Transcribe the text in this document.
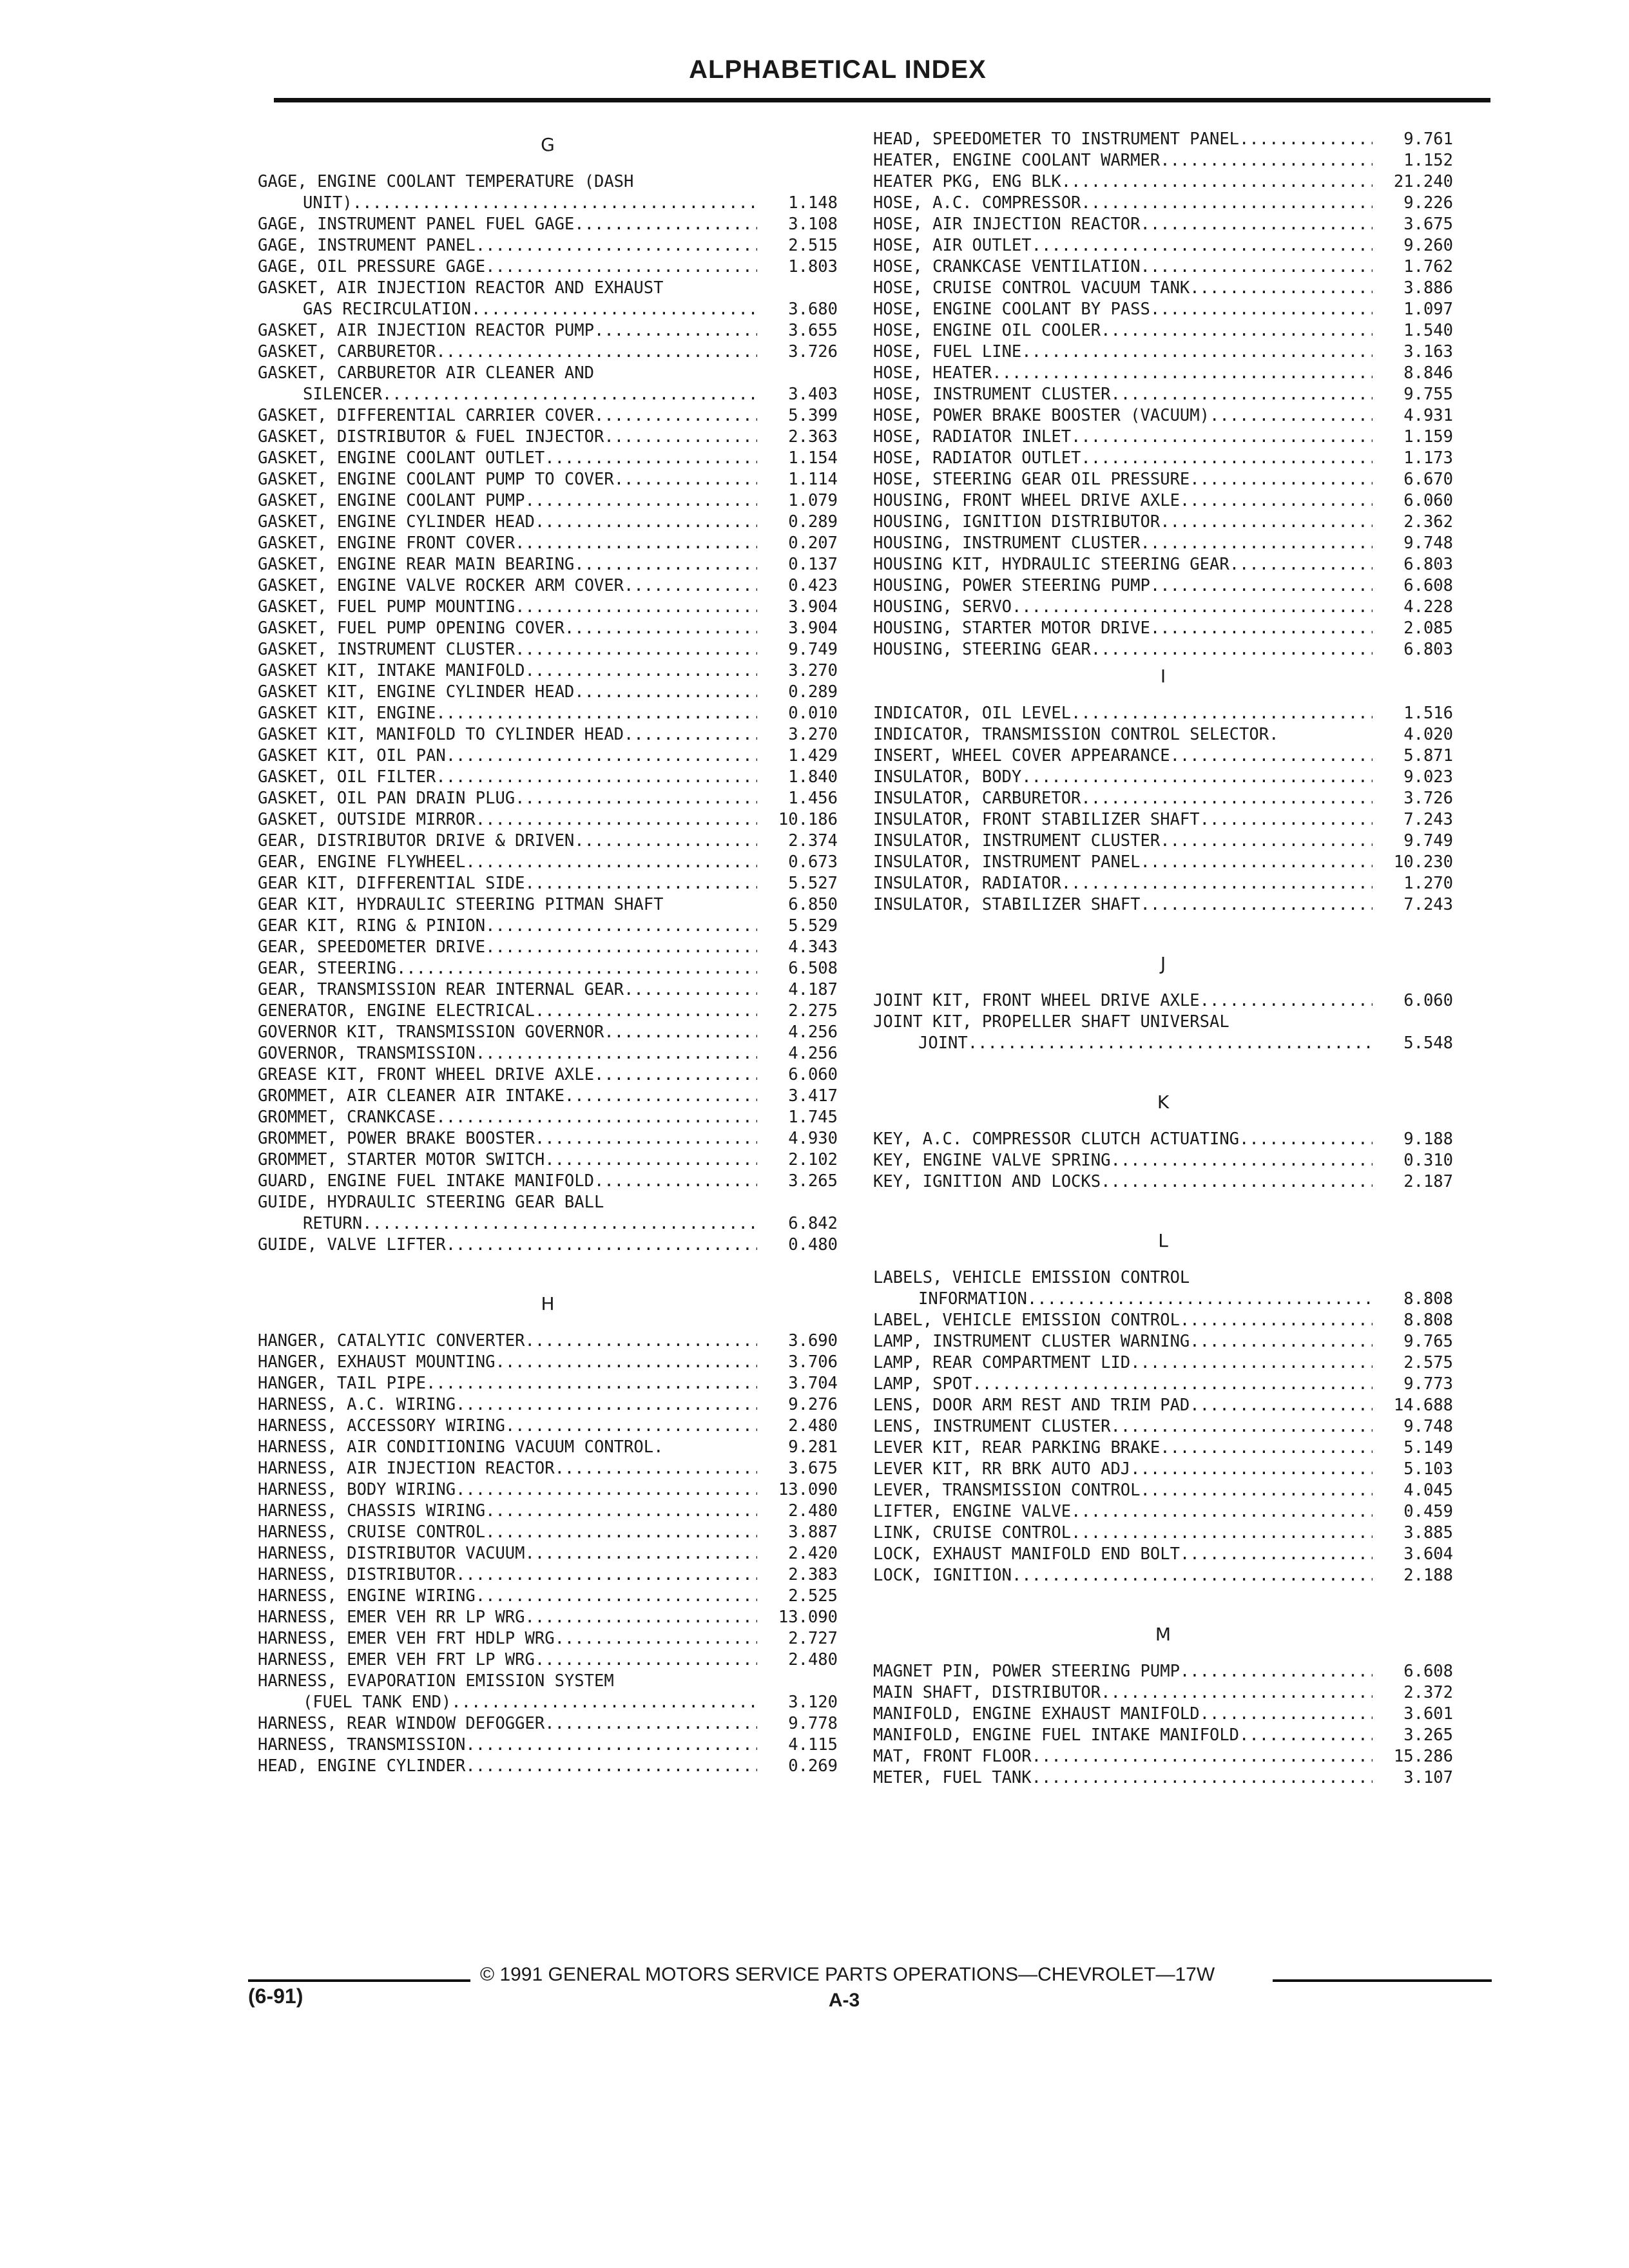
ALPHABETICAL INDEX
G
GAGE, ENGINE COOLANT TEMPERATURE (DASH
UNIT) .....	1.148
GAGE, INSTRUMENT PANEL FUEL GAGE .....	3.108
GAGE, INSTRUMENT PANEL .....	2.515
GAGE, OIL PRESSURE GAGE .....	1.803
GASKET, AIR INJECTION REACTOR AND EXHAUST
GAS RECIRCULATION .....	3.680
GASKET, AIR INJECTION REACTOR PUMP .....	3.655
GASKET, CARBURETOR .....	3.726
GASKET, CARBURETOR AIR CLEANER AND
SILENCER .....	3.403
GASKET, DIFFERENTIAL CARRIER COVER .....	5.399
GASKET, DISTRIBUTOR & FUEL INJECTOR .....	2.363
GASKET, ENGINE COOLANT OUTLET .....	1.154
GASKET, ENGINE COOLANT PUMP TO COVER .....	1.114
GASKET, ENGINE COOLANT PUMP .....	1.079
GASKET, ENGINE CYLINDER HEAD .....	0.289
GASKET, ENGINE FRONT COVER .....	0.207
GASKET, ENGINE REAR MAIN BEARING .....	0.137
GASKET, ENGINE VALVE ROCKER ARM COVER .....	0.423
GASKET, FUEL PUMP MOUNTING .....	3.904
GASKET, FUEL PUMP OPENING COVER .....	3.904
GASKET, INSTRUMENT CLUSTER .....	9.749
GASKET KIT, INTAKE MANIFOLD .....	3.270
GASKET KIT, ENGINE CYLINDER HEAD .....	0.289
GASKET KIT, ENGINE .....	0.010
GASKET KIT, MANIFOLD TO CYLINDER HEAD .....	3.270
GASKET KIT, OIL PAN .....	1.429
GASKET, OIL FILTER .....	1.840
GASKET, OIL PAN DRAIN PLUG .....	1.456
GASKET, OUTSIDE MIRROR .....	10.186
GEAR, DISTRIBUTOR DRIVE & DRIVEN .....	2.374
GEAR, ENGINE FLYWHEEL .....	0.673
GEAR KIT, DIFFERENTIAL SIDE .....	5.527
GEAR KIT, HYDRAULIC STEERING PITMAN SHAFT	6.850
GEAR KIT, RING & PINION .....	5.529
GEAR, SPEEDOMETER DRIVE .....	4.343
GEAR, STEERING .....	6.508
GEAR, TRANSMISSION REAR INTERNAL GEAR .....	4.187
GENERATOR, ENGINE ELECTRICAL .....	2.275
GOVERNOR KIT, TRANSMISSION GOVERNOR .....	4.256
GOVERNOR, TRANSMISSION .....	4.256
GREASE KIT, FRONT WHEEL DRIVE AXLE .....	6.060
GROMMET, AIR CLEANER AIR INTAKE .....	3.417
GROMMET, CRANKCASE .....	1.745
GROMMET, POWER BRAKE BOOSTER .....	4.930
GROMMET, STARTER MOTOR SWITCH .....	2.102
GUARD, ENGINE FUEL INTAKE MANIFOLD .....	3.265
GUIDE, HYDRAULIC STEERING GEAR BALL
RETURN .....	6.842
GUIDE, VALVE LIFTER .....	0.480
H
HANGER, CATALYTIC CONVERTER .....	3.690
HANGER, EXHAUST MOUNTING .....	3.706
HANGER, TAIL PIPE .....	3.704
HARNESS, A.C. WIRING .....	9.276
HARNESS, ACCESSORY WIRING .....	2.480
HARNESS, AIR CONDITIONING VACUUM CONTROL.	9.281
HARNESS, AIR INJECTION REACTOR .....	3.675
HARNESS, BODY WIRING .....	13.090
HARNESS, CHASSIS WIRING .....	2.480
HARNESS, CRUISE CONTROL .....	3.887
HARNESS, DISTRIBUTOR VACUUM .....	2.420
HARNESS, DISTRIBUTOR .....	2.383
HARNESS, ENGINE WIRING .....	2.525
HARNESS, EMER VEH RR LP WRG .....	13.090
HARNESS, EMER VEH FRT HDLP WRG .....	2.727
HARNESS, EMER VEH FRT LP WRG .....	2.480
HARNESS, EVAPORATION EMISSION SYSTEM
(FUEL TANK END) .....	3.120
HARNESS, REAR WINDOW DEFOGGER .....	9.778
HARNESS, TRANSMISSION .....	4.115
HEAD, ENGINE CYLINDER .....	0.269
HEAD, SPEEDOMETER TO INSTRUMENT PANEL .....	9.761
HEATER, ENGINE COOLANT WARMER .....	1.152
HEATER PKG, ENG BLK .....	21.240
HOSE, A.C. COMPRESSOR .....	9.226
HOSE, AIR INJECTION REACTOR .....	3.675
HOSE, AIR OUTLET .....	9.260
HOSE, CRANKCASE VENTILATION .....	1.762
HOSE, CRUISE CONTROL VACUUM TANK .....	3.886
HOSE, ENGINE COOLANT BY PASS .....	1.097
HOSE, ENGINE OIL COOLER .....	1.540
HOSE, FUEL LINE .....	3.163
HOSE, HEATER .....	8.846
HOSE, INSTRUMENT CLUSTER .....	9.755
HOSE, POWER BRAKE BOOSTER (VACUUM) .....	4.931
HOSE, RADIATOR INLET .....	1.159
HOSE, RADIATOR OUTLET .....	1.173
HOSE, STEERING GEAR OIL PRESSURE .....	6.670
HOUSING, FRONT WHEEL DRIVE AXLE .....	6.060
HOUSING, IGNITION DISTRIBUTOR .....	2.362
HOUSING, INSTRUMENT CLUSTER .....	9.748
HOUSING KIT, HYDRAULIC STEERING GEAR .....	6.803
HOUSING, POWER STEERING PUMP .....	6.608
HOUSING, SERVO .....	4.228
HOUSING, STARTER MOTOR DRIVE .....	2.085
HOUSING, STEERING GEAR .....	6.803
I
INDICATOR, OIL LEVEL .....	1.516
INDICATOR, TRANSMISSION CONTROL SELECTOR.	4.020
INSERT, WHEEL COVER APPEARANCE .....	5.871
INSULATOR, BODY .....	9.023
INSULATOR, CARBURETOR .....	3.726
INSULATOR, FRONT STABILIZER SHAFT .....	7.243
INSULATOR, INSTRUMENT CLUSTER .....	9.749
INSULATOR, INSTRUMENT PANEL .....	10.230
INSULATOR, RADIATOR .....	1.270
INSULATOR, STABILIZER SHAFT .....	7.243
J
JOINT KIT, FRONT WHEEL DRIVE AXLE .....	6.060
JOINT KIT, PROPELLER SHAFT UNIVERSAL
JOINT .....	5.548
K
KEY, A.C. COMPRESSOR CLUTCH ACTUATING .....	9.188
KEY, ENGINE VALVE SPRING .....	0.310
KEY, IGNITION AND LOCKS .....	2.187
L
LABELS, VEHICLE EMISSION CONTROL
INFORMATION .....	8.808
LABEL, VEHICLE EMISSION CONTROL .....	8.808
LAMP, INSTRUMENT CLUSTER WARNING .....	9.765
LAMP, REAR COMPARTMENT LID .....	2.575
LAMP, SPOT .....	9.773
LENS, DOOR ARM REST AND TRIM PAD .....	14.688
LENS, INSTRUMENT CLUSTER .....	9.748
LEVER KIT, REAR PARKING BRAKE .....	5.149
LEVER KIT, RR BRK AUTO ADJ .....	5.103
LEVER, TRANSMISSION CONTROL .....	4.045
LIFTER, ENGINE VALVE .....	0.459
LINK, CRUISE CONTROL .....	3.885
LOCK, EXHAUST MANIFOLD END BOLT .....	3.604
LOCK, IGNITION .....	2.188
M
MAGNET PIN, POWER STEERING PUMP .....	6.608
MAIN SHAFT, DISTRIBUTOR .....	2.372
MANIFOLD, ENGINE EXHAUST MANIFOLD .....	3.601
MANIFOLD, ENGINE FUEL INTAKE MANIFOLD .....	3.265
MAT, FRONT FLOOR .....	15.286
METER, FUEL TANK .....	3.107
(6-91)
© 1991 GENERAL MOTORS SERVICE PARTS OPERATIONS—CHEVROLET—17W
A-3
